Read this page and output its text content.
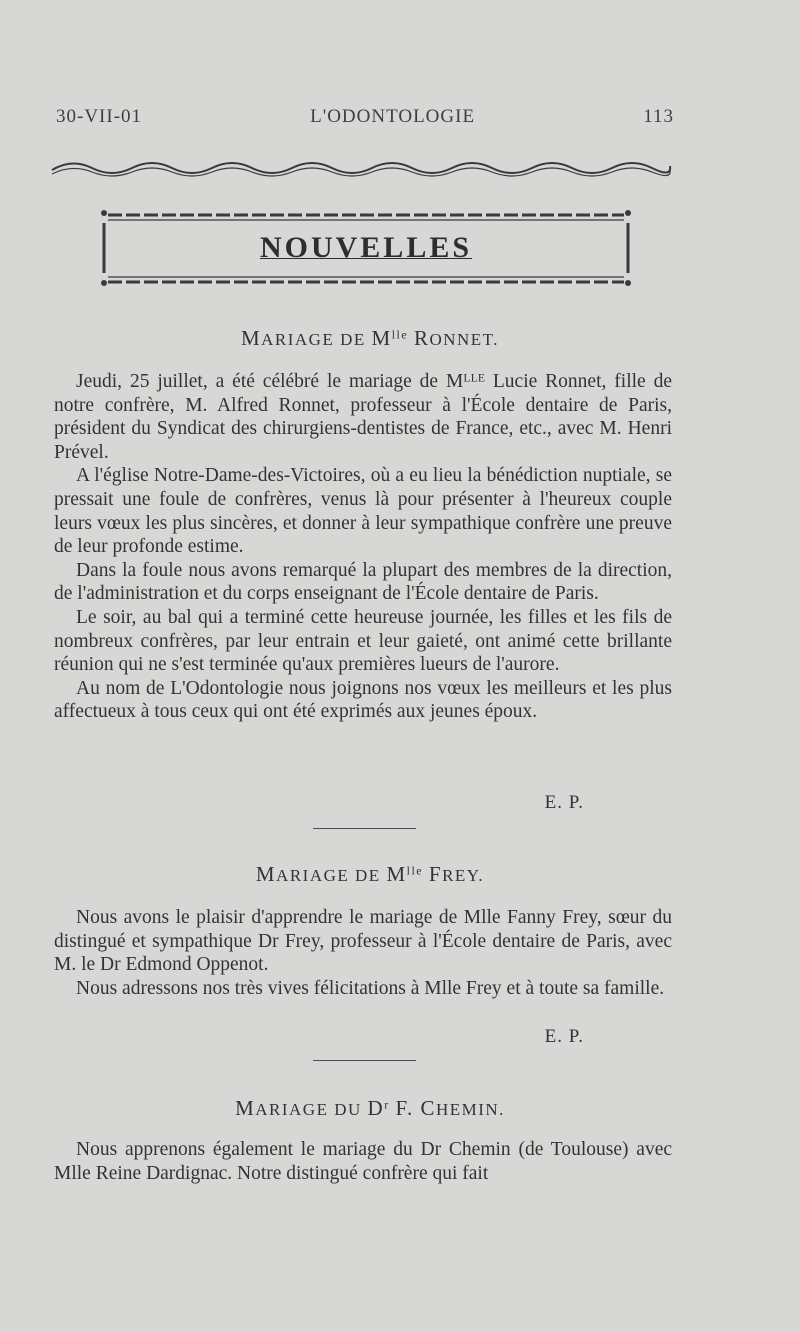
30-VII-01	L'ODONTOLOGIE	113
NOUVELLES
MARIAGE DE $M^{lle}$ RONNET.

Jeudi, 25 juillet, a été célébré le mariage de Mᴸᴸᴱ Lucie Ronnet, fille de notre confrère, M. Alfred Ronnet, professeur à l'École dentaire de Paris, président du Syndicat des chirurgiens-dentistes de France, etc., avec M. Henri Prével.

A l'église Notre-Dame-des-Victoires, où a eu lieu la bénédiction nuptiale, se pressait une foule de confrères, venus là pour présenter à l'heureux couple leurs vœux les plus sincères, et donner à leur sympathique confrère une preuve de leur profonde estime.

Dans la foule nous avons remarqué la plupart des membres de la direction, de l'administration et du corps enseignant de l'École dentaire de Paris.

Le soir, au bal qui a terminé cette heureuse journée, les filles et les fils de nombreux confrères, par leur entrain et leur gaieté, ont animé cette brillante réunion qui ne s'est terminée qu'aux premières lueurs de l'aurore.

Au nom de L'Odontologie nous joignons nos vœux les meilleurs et les plus affectueux à tous ceux qui ont été exprimés aux jeunes époux.

E. P.
MARIAGE DE $M^{lle}$ FREY.

Nous avons le plaisir d'apprendre le mariage de Mlle Fanny Frey, sœur du distingué et sympathique Dr Frey, professeur à l'École dentaire de Paris, avec M. le Dr Edmond Oppenot.

Nous adressons nos très vives félicitations à Mlle Frey et à toute sa famille.

E. P.
MARIAGE DU $D^r$ F. CHEMIN.

Nous apprenons également le mariage du Dr Chemin (de Toulouse) avec Mlle Reine Dardignac. Notre distingué confrère qui fait
